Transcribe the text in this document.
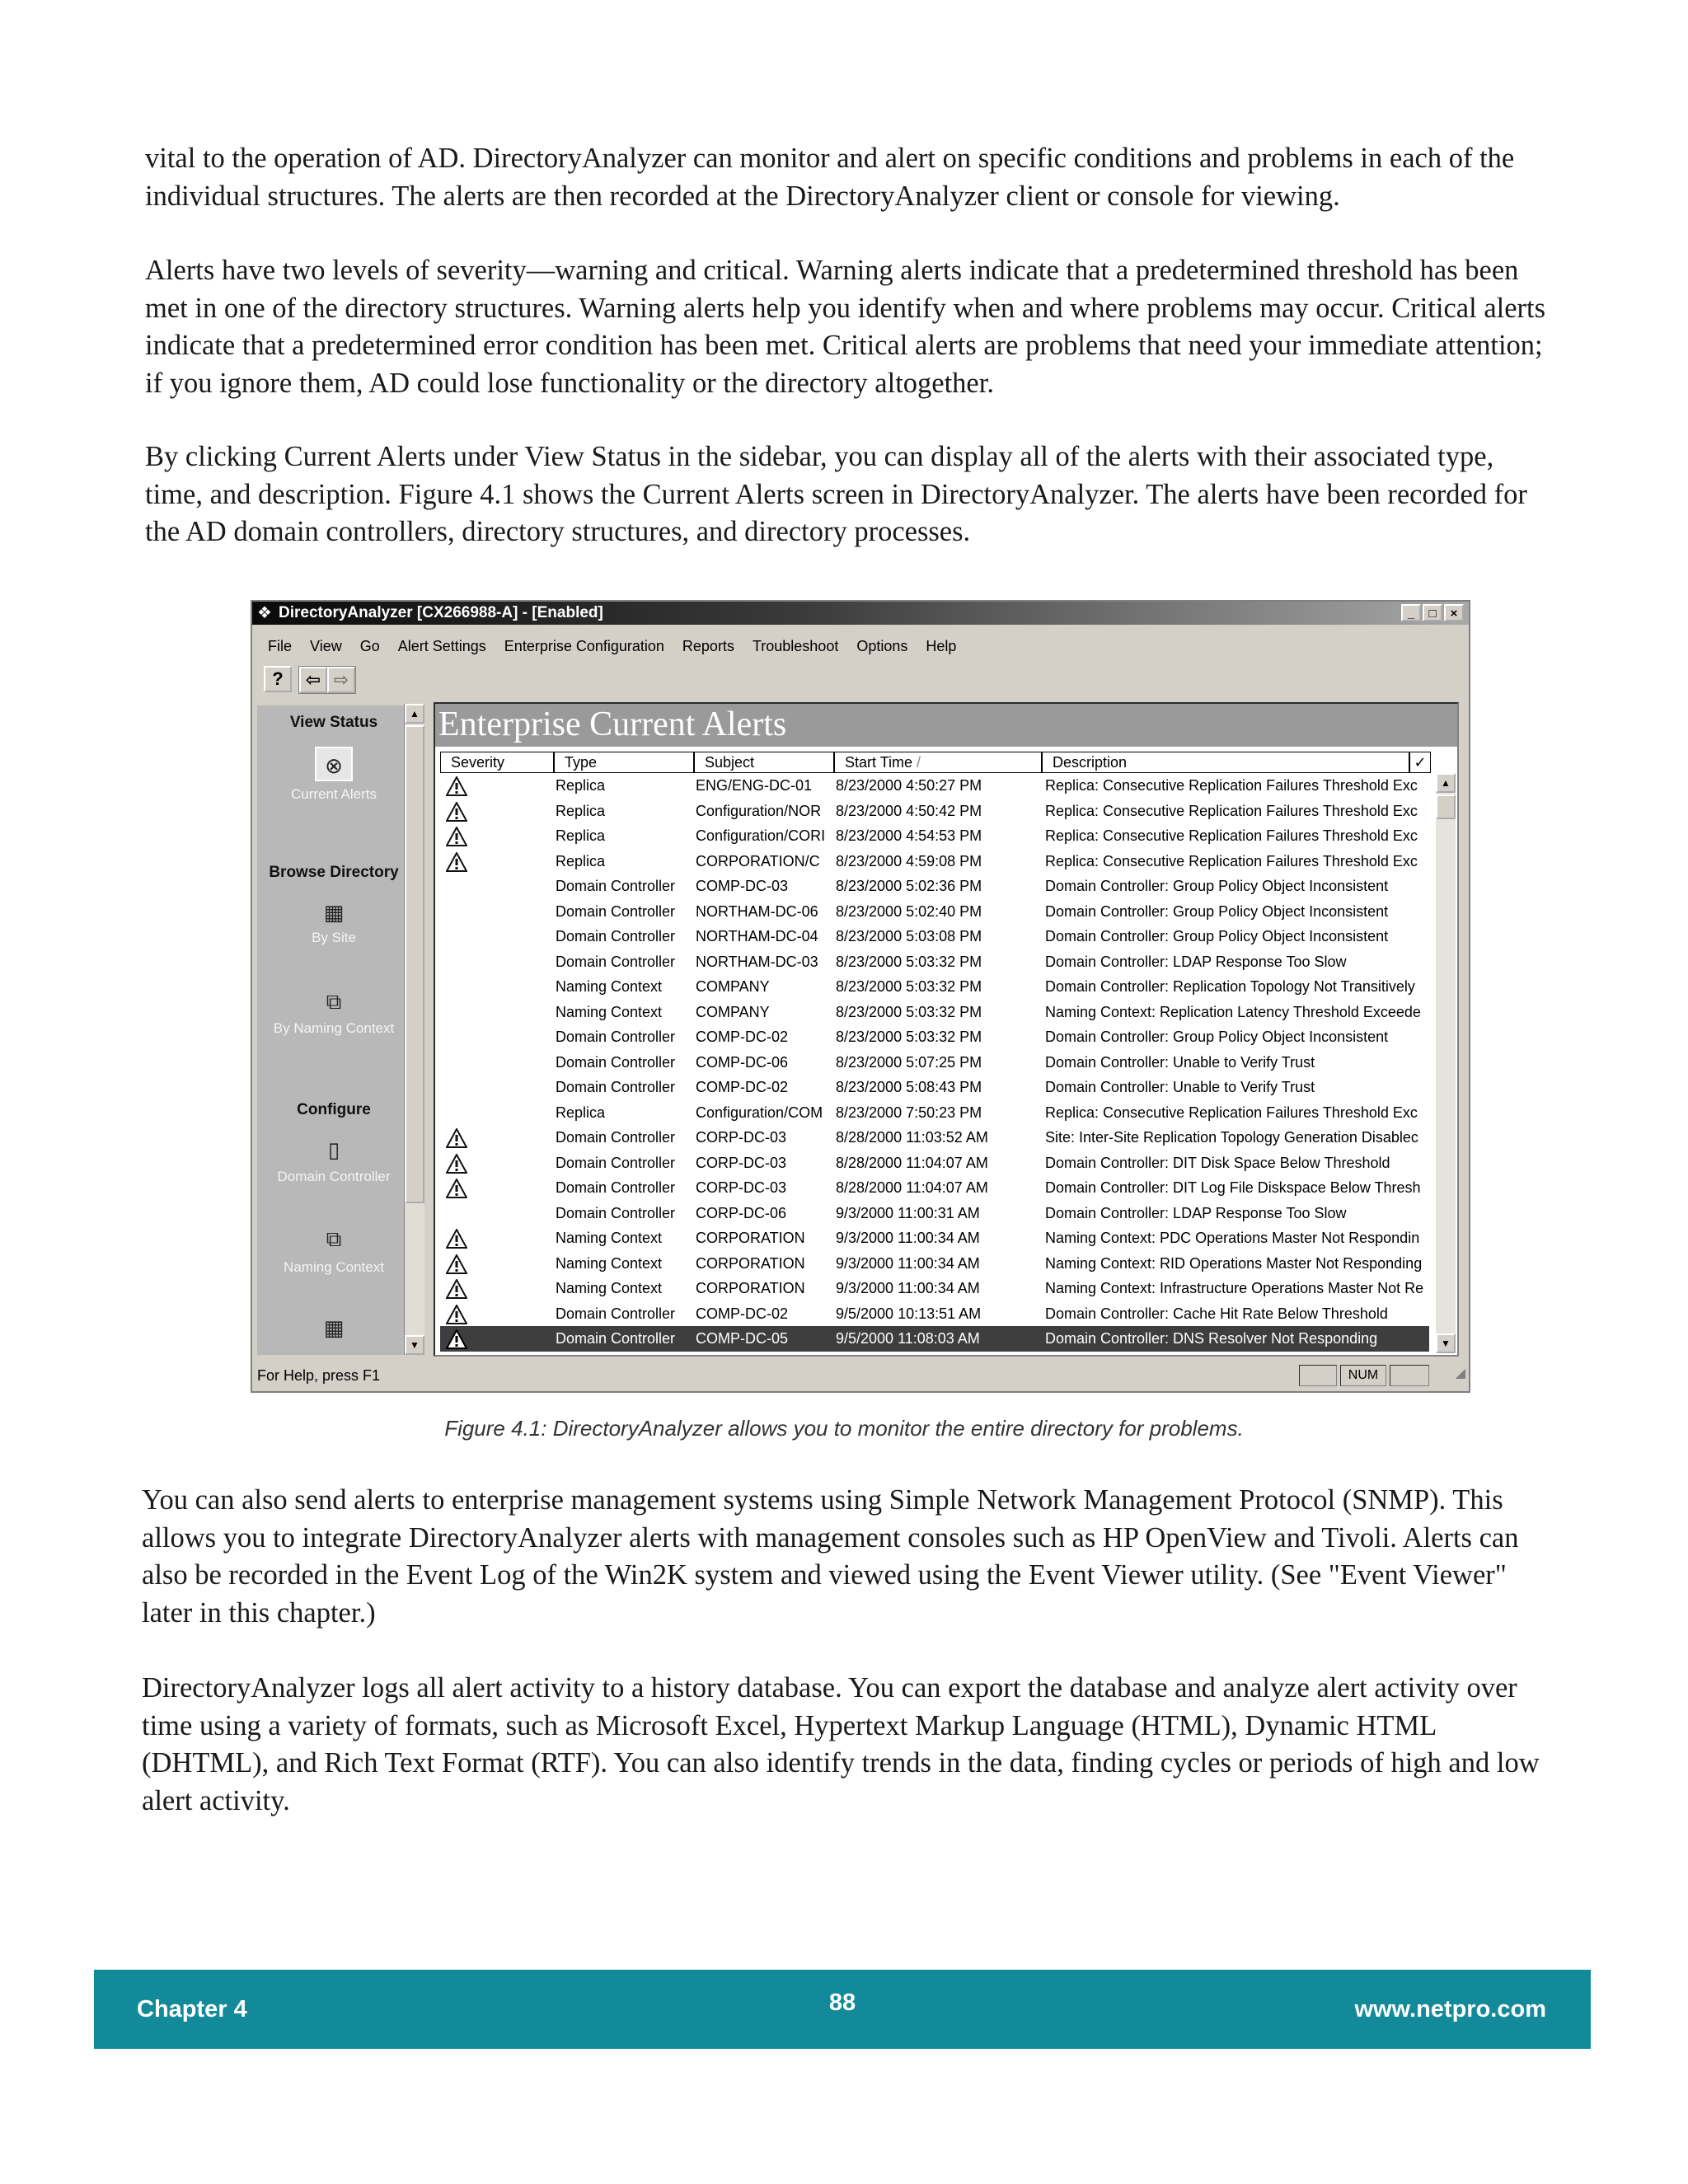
vital to the operation of AD. DirectoryAnalyzer can monitor and alert on specific conditions and problems in each of the individual structures. The alerts are then recorded at the DirectoryAnalyzer client or console for viewing.

Alerts have two levels of severity—warning and critical. Warning alerts indicate that a predetermined threshold has been met in one of the directory structures. Warning alerts help you identify when and where problems may occur. Critical alerts indicate that a predetermined error condition has been met. Critical alerts are problems that need your immediate attention; if you ignore them, AD could lose functionality or the directory altogether.

By clicking Current Alerts under View Status in the sidebar, you can display all of the alerts with their associated type, time, and description. Figure 4.1 shows the Current Alerts screen in DirectoryAnalyzer. The alerts have been recorded for the AD domain controllers, directory structures, and directory processes.

❖ DirectoryAnalyzer [CX266988-A] - [Enabled]	_	□	×
File	View	Go	Alert Settings	Enterprise Configuration	Reports	Troubleshoot	Options	Help
?	⇦ ⇨
View Status
⊗
Current Alerts
Browse Directory
▦
By Site
⧉
By Naming Context
Configure
▯
Domain Controller
⧉
Naming Context
▦
▲
▼
Enterprise Current Alerts
Severity	Type	Subject	Start Time /	Description	✓
Replica	ENG/ENG-DC-01	8/23/2000 4:50:27 PM	Replica: Consecutive Replication Failures Threshold Exc
Replica	Configuration/NOR 8/23/2000 4:50:42 PM	Replica: Consecutive Replication Failures Threshold Exc
Replica	Configuration/CORI 8/23/2000 4:54:53 PM	Replica: Consecutive Replication Failures Threshold Exc
Replica	CORPORATION/C	8/23/2000 4:59:08 PM	Replica: Consecutive Replication Failures Threshold Exc
Domain Controller	COMP-DC-03	8/23/2000 5:02:36 PM	Domain Controller: Group Policy Object Inconsistent
Domain Controller	NORTHAM-DC-06	8/23/2000 5:02:40 PM	Domain Controller: Group Policy Object Inconsistent
Domain Controller	NORTHAM-DC-04	8/23/2000 5:03:08 PM	Domain Controller: Group Policy Object Inconsistent
Domain Controller	NORTHAM-DC-03	8/23/2000 5:03:32 PM	Domain Controller: LDAP Response Too Slow
Naming Context	COMPANY	8/23/2000 5:03:32 PM	Domain Controller: Replication Topology Not Transitively
Naming Context	COMPANY	8/23/2000 5:03:32 PM	Naming Context: Replication Latency Threshold Exceede
Domain Controller	COMP-DC-02	8/23/2000 5:03:32 PM	Domain Controller: Group Policy Object Inconsistent
Domain Controller	COMP-DC-06	8/23/2000 5:07:25 PM	Domain Controller: Unable to Verify Trust
Domain Controller	COMP-DC-02	8/23/2000 5:08:43 PM	Domain Controller: Unable to Verify Trust
Replica	Configuration/COM 8/23/2000 7:50:23 PM	Replica: Consecutive Replication Failures Threshold Exc
Domain Controller	CORP-DC-03	8/28/2000 11:03:52 AM	Site: Inter-Site Replication Topology Generation Disablec
Domain Controller	CORP-DC-03	8/28/2000 11:04:07 AM	Domain Controller: DIT Disk Space Below Threshold
Domain Controller	CORP-DC-03	8/28/2000 11:04:07 AM	Domain Controller: DIT Log File Diskspace Below Thresh
Domain Controller	CORP-DC-06	9/3/2000 11:00:31 AM	Domain Controller: LDAP Response Too Slow
Naming Context	CORPORATION	9/3/2000 11:00:34 AM	Naming Context: PDC Operations Master Not Respondin
Naming Context	CORPORATION	9/3/2000 11:00:34 AM	Naming Context: RID Operations Master Not Responding
Naming Context	CORPORATION	9/3/2000 11:00:34 AM	Naming Context: Infrastructure Operations Master Not Re
Domain Controller	COMP-DC-02	9/5/2000 10:13:51 AM	Domain Controller: Cache Hit Rate Below Threshold
Domain Controller	COMP-DC-05	9/5/2000 11:08:03 AM	Domain Controller: DNS Resolver Not Responding
▲
▼
For Help, press F1	NUM	◢
Figure 4.1: DirectoryAnalyzer allows you to monitor the entire directory for problems.

You can also send alerts to enterprise management systems using Simple Network Management Protocol (SNMP). This allows you to integrate DirectoryAnalyzer alerts with management consoles such as HP OpenView and Tivoli. Alerts can also be recorded in the Event Log of the Win2K system and viewed using the Event Viewer utility. (See "Event Viewer" later in this chapter.)

DirectoryAnalyzer logs all alert activity to a history database. You can export the database and analyze alert activity over time using a variety of formats, such as Microsoft Excel, Hypertext Markup Language (HTML), Dynamic HTML (DHTML), and Rich Text Format (RTF). You can also identify trends in the data, finding cycles or periods of high and low alert activity.

Chapter 4	88	www.netpro.com
